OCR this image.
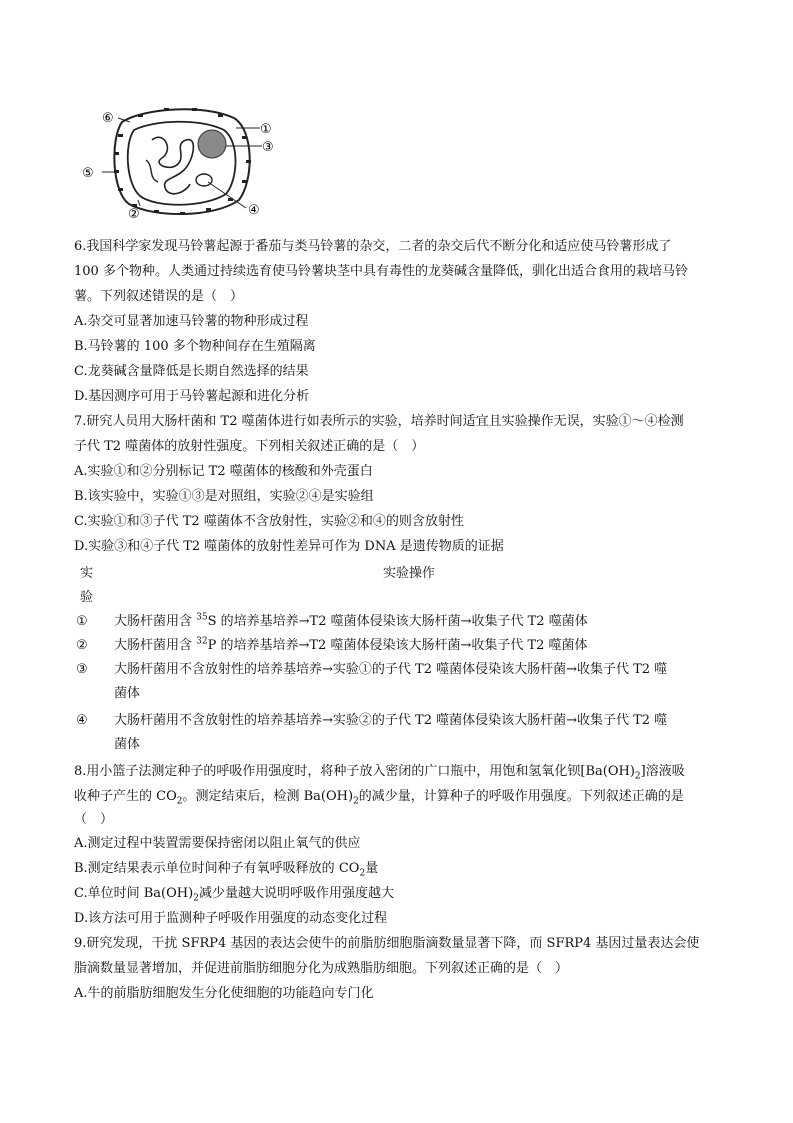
①
②
③
④
⑤
⑥
6.我国科学家发现马铃薯起源于番茄与类马铃薯的杂交，二者的杂交后代不断分化和适应使马铃薯形成了
100 多个物种。人类通过持续选育使马铃薯块茎中具有毒性的龙葵碱含量降低，驯化出适合食用的栽培马铃
薯。下列叙述错误的是（　）
A.杂交可显著加速马铃薯的物种形成过程
B.马铃薯的 100 多个物种间存在生殖隔离
C.龙葵碱含量降低是长期自然选择的结果
D.基因测序可用于马铃薯起源和进化分析
7.研究人员用大肠杆菌和 T2 噬菌体进行如表所示的实验，培养时间适宜且实验操作无误，实验①～④检测
子代 T2 噬菌体的放射性强度。下列相关叙述正确的是（　）
A.实验①和②分别标记 T2 噬菌体的核酸和外壳蛋白
B.该实验中，实验①③是对照组，实验②④是实验组
C.实验①和③子代 T2 噬菌体不含放射性，实验②和④的则含放射性
D.实验③和④子代 T2 噬菌体的放射性差异可作为 DNA 是遗传物质的证据
实
验
实验操作
① 大肠杆菌用含 $^{35}$S 的培养基培养→T2 噬菌体侵染该大肠杆菌→收集子代 T2 噬菌体
② 大肠杆菌用含 $^{32}$P 的培养基培养→T2 噬菌体侵染该大肠杆菌→收集子代 T2 噬菌体
③ 大肠杆菌用不含放射性的培养基培养→实验①的子代 T2 噬菌体侵染该大肠杆菌→收集子代 T2 噬
菌体
④ 大肠杆菌用不含放射性的培养基培养→实验②的子代 T2 噬菌体侵染该大肠杆菌→收集子代 T2 噬
菌体
8.用小篮子法测定种子的呼吸作用强度时，将种子放入密闭的广口瓶中，用饱和氢氧化钡$[Ba(OH)_2]$溶液吸
收种子产生的 $CO_2$。测定结束后，检测 $Ba(OH)_2$的减少量，计算种子的呼吸作用强度。下列叙述正确的是
（　）
A.测定过程中装置需要保持密闭以阻止氧气的供应
B.测定结果表示单位时间种子有氧呼吸释放的 $CO_2$量
C.单位时间 $Ba(OH)_2$减少量越大说明呼吸作用强度越大
D.该方法可用于监测种子呼吸作用强度的动态变化过程
9.研究发现，干扰 SFRP4 基因的表达会使牛的前脂肪细胞脂滴数量显著下降，而 SFRP4 基因过量表达会使
脂滴数量显著增加，并促进前脂肪细胞分化为成熟脂肪细胞。下列叙述正确的是（　）
A.牛的前脂肪细胞发生分化使细胞的功能趋向专门化
